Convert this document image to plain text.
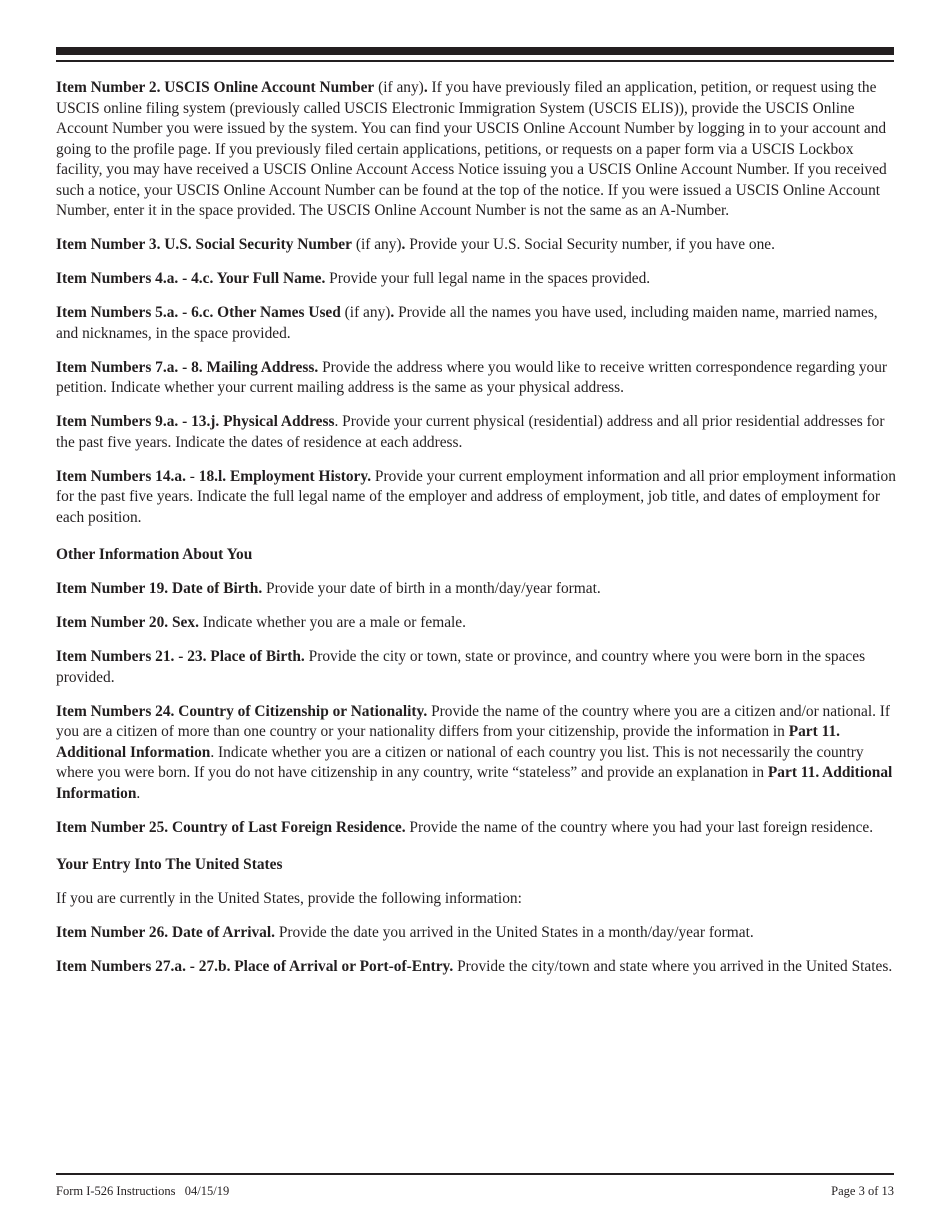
Item Number 2. USCIS Online Account Number (if any). If you have previously filed an application, petition, or request using the USCIS online filing system (previously called USCIS Electronic Immigration System (USCIS ELIS)), provide the USCIS Online Account Number you were issued by the system. You can find your USCIS Online Account Number by logging in to your account and going to the profile page. If you previously filed certain applications, petitions, or requests on a paper form via a USCIS Lockbox facility, you may have received a USCIS Online Account Access Notice issuing you a USCIS Online Account Number. If you received such a notice, your USCIS Online Account Number can be found at the top of the notice. If you were issued a USCIS Online Account Number, enter it in the space provided. The USCIS Online Account Number is not the same as an A-Number.

Item Number 3. U.S. Social Security Number (if any). Provide your U.S. Social Security number, if you have one.

Item Numbers 4.a. - 4.c. Your Full Name. Provide your full legal name in the spaces provided.

Item Numbers 5.a. - 6.c. Other Names Used (if any). Provide all the names you have used, including maiden name, married names, and nicknames, in the space provided.

Item Numbers 7.a. - 8. Mailing Address. Provide the address where you would like to receive written correspondence regarding your petition. Indicate whether your current mailing address is the same as your physical address.

Item Numbers 9.a. - 13.j. Physical Address. Provide your current physical (residential) address and all prior residential addresses for the past five years. Indicate the dates of residence at each address.

Item Numbers 14.a. - 18.l. Employment History. Provide your current employment information and all prior employment information for the past five years. Indicate the full legal name of the employer and address of employment, job title, and dates of employment for each position.

Other Information About You

Item Number 19. Date of Birth. Provide your date of birth in a month/day/year format.

Item Number 20. Sex. Indicate whether you are a male or female.

Item Numbers 21. - 23. Place of Birth. Provide the city or town, state or province, and country where you were born in the spaces provided.

Item Numbers 24. Country of Citizenship or Nationality. Provide the name of the country where you are a citizen and/or national. If you are a citizen of more than one country or your nationality differs from your citizenship, provide the information in Part 11. Additional Information. Indicate whether you are a citizen or national of each country you list. This is not necessarily the country where you were born. If you do not have citizenship in any country, write “stateless” and provide an explanation in Part 11. Additional Information.

Item Number 25. Country of Last Foreign Residence. Provide the name of the country where you had your last foreign residence.

Your Entry Into The United States

If you are currently in the United States, provide the following information:

Item Number 26. Date of Arrival. Provide the date you arrived in the United States in a month/day/year format.

Item Numbers 27.a. - 27.b. Place of Arrival or Port-of-Entry. Provide the city/town and state where you arrived in the United States.

Form I-526 Instructions   04/15/19	Page 3 of 13
